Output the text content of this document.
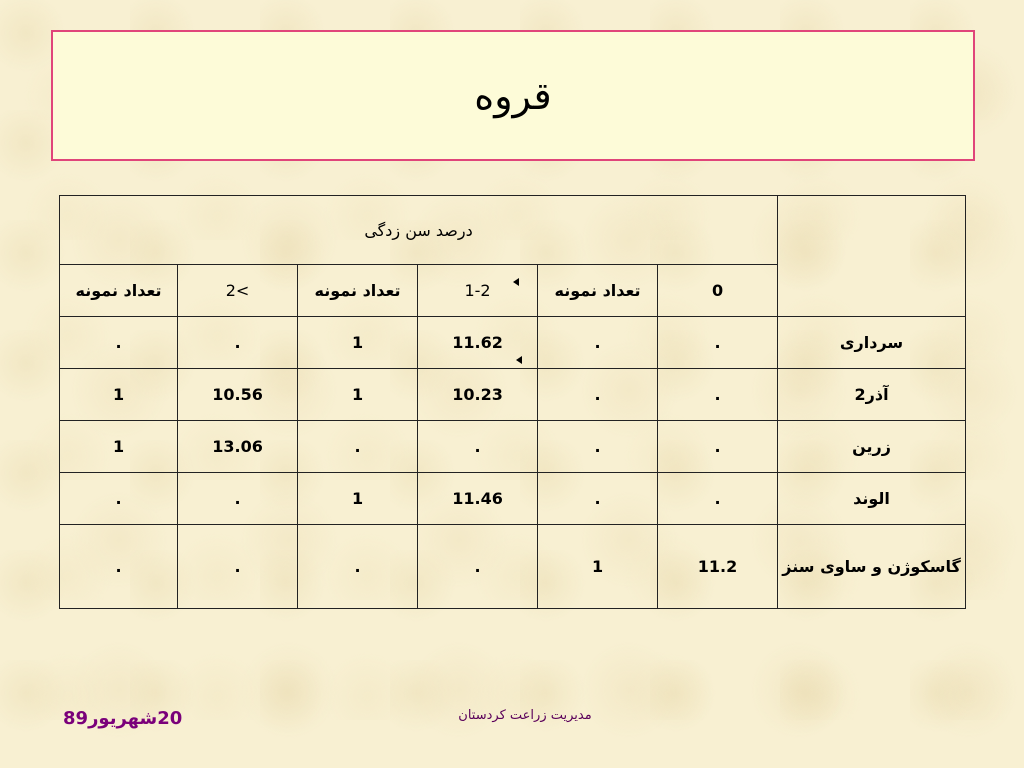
قروه
	درصد سن زدگی					
	0	تعداد نمونه	1-2	تعداد نمونه	>2	تعداد نمونه
سرداری	.	.	11.62	1	.	.
آذر2	.	.	10.23	1	10.56	1
زرین	.	.	.	.	13.06	1
الوند	.	.	11.46	1	.	.
گاسکوژن و ساوی سنز	11.2	1	.	.	.	.
20شهریور89	مدیریت زراعت کردستان
